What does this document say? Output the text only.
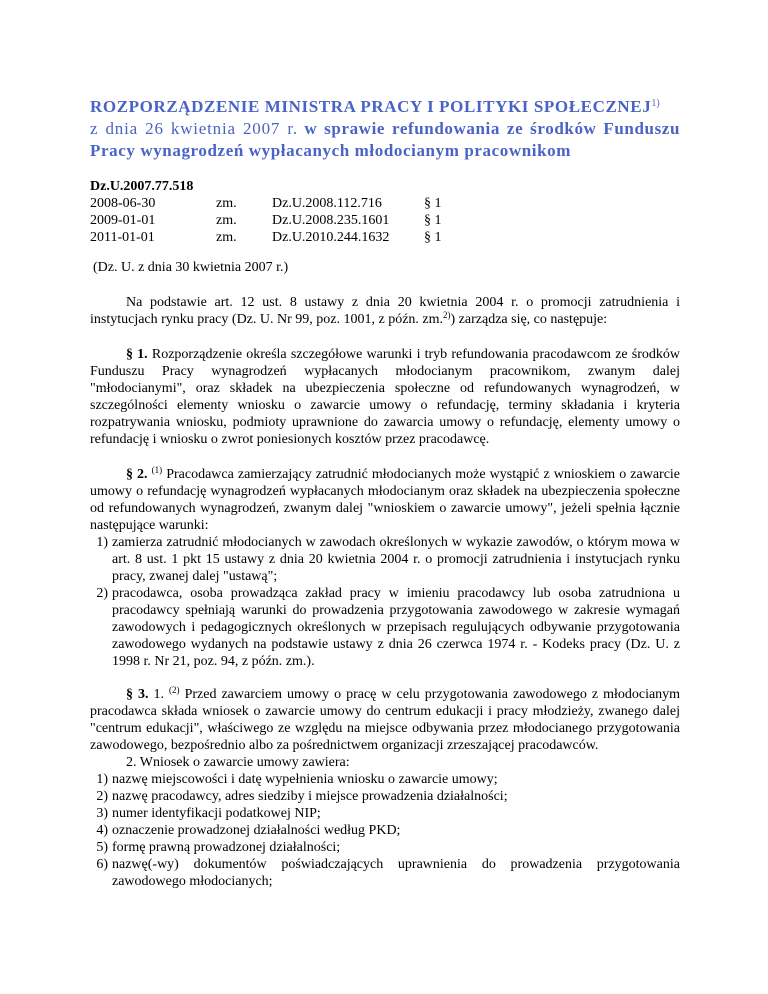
ROZPORZĄDZENIE MINISTRA PRACY I POLITYKI SPOŁECZNEJ$^{1)}$
z dnia 26 kwietnia 2007 r. w sprawie refundowania ze środków Funduszu Pracy wynagrodzeń wypłacanych młodocianym pracownikom
Dz.U.2007.77.518
2008-06-30	zm.	Dz.U.2008.112.716	§ 1
2009-01-01	zm.	Dz.U.2008.235.1601	§ 1
2011-01-01	zm.	Dz.U.2010.244.1632	§ 1
(Dz. U. z dnia 30 kwietnia 2007 r.)

Na podstawie art. 12 ust. 8 ustawy z dnia 20 kwietnia 2004 r. o promocji zatrudnienia i instytucjach rynku pracy (Dz. U. Nr 99, poz. 1001, z późn. zm.$^{2)}$) zarządza się, co następuje:

§ 1. Rozporządzenie określa szczegółowe warunki i tryb refundowania pracodawcom ze środków Funduszu Pracy wynagrodzeń wypłacanych młodocianym pracownikom, zwanym dalej "młodocianymi", oraz składek na ubezpieczenia społeczne od refundowanych wynagrodzeń, w szczególności elementy wniosku o zawarcie umowy o refundację, terminy składania i kryteria rozpatrywania wniosku, podmioty uprawnione do zawarcia umowy o refundację, elementy umowy o refundację i wniosku o zwrot poniesionych kosztów przez pracodawcę.

§ 2. $^{(1)}$ Pracodawca zamierzający zatrudnić młodocianych może wystąpić z wnioskiem o zawarcie umowy o refundację wynagrodzeń wypłacanych młodocianym oraz składek na ubezpieczenia społeczne od refundowanych wynagrodzeń, zwanym dalej "wnioskiem o zawarcie umowy", jeżeli spełnia łącznie następujące warunki:

1) zamierza zatrudnić młodocianych w zawodach określonych w wykazie zawodów, o którym mowa w art. 8 ust. 1 pkt 15 ustawy z dnia 20 kwietnia 2004 r. o promocji zatrudnienia i instytucjach rynku pracy, zwanej dalej "ustawą";
2) pracodawca, osoba prowadząca zakład pracy w imieniu pracodawcy lub osoba zatrudniona u pracodawcy spełniają warunki do prowadzenia przygotowania zawodowego w zakresie wymagań zawodowych i pedagogicznych określonych w przepisach regulujących odbywanie przygotowania zawodowego wydanych na podstawie ustawy z dnia 26 czerwca 1974 r. - Kodeks pracy (Dz. U. z 1998 r. Nr 21, poz. 94, z późn. zm.).

§ 3. 1. $^{(2)}$ Przed zawarciem umowy o pracę w celu przygotowania zawodowego z młodocianym pracodawca składa wniosek o zawarcie umowy do centrum edukacji i pracy młodzieży, zwanego dalej "centrum edukacji", właściwego ze względu na miejsce odbywania przez młodocianego przygotowania zawodowego, bezpośrednio albo za pośrednictwem organizacji zrzeszającej pracodawców.

2. Wniosek o zawarcie umowy zawiera:

1) nazwę miejscowości i datę wypełnienia wniosku o zawarcie umowy;
2) nazwę pracodawcy, adres siedziby i miejsce prowadzenia działalności;
3) numer identyfikacji podatkowej NIP;
4) oznaczenie prowadzonej działalności według PKD;
5) formę prawną prowadzonej działalności;
6) nazwę(-wy) dokumentów poświadczających uprawnienia do prowadzenia przygotowania zawodowego młodocianych;
